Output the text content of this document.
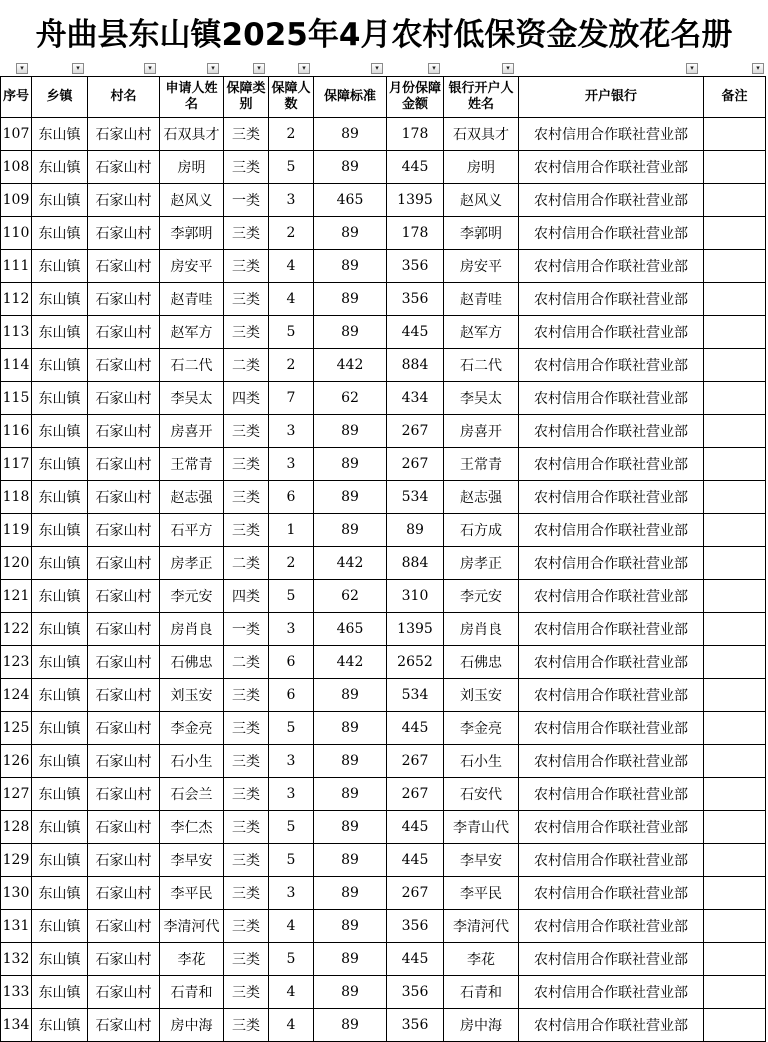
舟曲县东山镇2025年4月农村低保资金发放花名册
▾	▾	▾	▾	▾	▾	▾	▾	▾	▾	▾
序号	乡镇	村名	申请人姓名	保障类别	保障人数	保障标准	月份保障金额	银行开户人姓名	开户银行	备注

107	东山镇	石家山村	石双具才	三类	2	89	178	石双具才	农村信用合作联社营业部	
108	东山镇	石家山村	房明	三类	5	89	445	房明	农村信用合作联社营业部	
109	东山镇	石家山村	赵风义	一类	3	465	1395	赵风义	农村信用合作联社营业部	
110	东山镇	石家山村	李郭明	三类	2	89	178	李郭明	农村信用合作联社营业部	
111	东山镇	石家山村	房安平	三类	4	89	356	房安平	农村信用合作联社营业部	
112	东山镇	石家山村	赵青哇	三类	4	89	356	赵青哇	农村信用合作联社营业部	
113	东山镇	石家山村	赵军方	三类	5	89	445	赵军方	农村信用合作联社营业部	
114	东山镇	石家山村	石二代	二类	2	442	884	石二代	农村信用合作联社营业部	
115	东山镇	石家山村	李吴太	四类	7	62	434	李吴太	农村信用合作联社营业部	
116	东山镇	石家山村	房喜开	三类	3	89	267	房喜开	农村信用合作联社营业部	
117	东山镇	石家山村	王常青	三类	3	89	267	王常青	农村信用合作联社营业部	
118	东山镇	石家山村	赵志强	三类	6	89	534	赵志强	农村信用合作联社营业部	
119	东山镇	石家山村	石平方	三类	1	89	89	石方成	农村信用合作联社营业部	
120	东山镇	石家山村	房孝正	二类	2	442	884	房孝正	农村信用合作联社营业部	
121	东山镇	石家山村	李元安	四类	5	62	310	李元安	农村信用合作联社营业部	
122	东山镇	石家山村	房肖良	一类	3	465	1395	房肖良	农村信用合作联社营业部	
123	东山镇	石家山村	石佛忠	二类	6	442	2652	石佛忠	农村信用合作联社营业部	
124	东山镇	石家山村	刘玉安	三类	6	89	534	刘玉安	农村信用合作联社营业部	
125	东山镇	石家山村	李金亮	三类	5	89	445	李金亮	农村信用合作联社营业部	
126	东山镇	石家山村	石小生	三类	3	89	267	石小生	农村信用合作联社营业部	
127	东山镇	石家山村	石会兰	三类	3	89	267	石安代	农村信用合作联社营业部	
128	东山镇	石家山村	李仁杰	三类	5	89	445	李青山代	农村信用合作联社营业部	
129	东山镇	石家山村	李早安	三类	5	89	445	李早安	农村信用合作联社营业部	
130	东山镇	石家山村	李平民	三类	3	89	267	李平民	农村信用合作联社营业部	
131	东山镇	石家山村	李清河代	三类	4	89	356	李清河代	农村信用合作联社营业部	
132	东山镇	石家山村	李花	三类	5	89	445	李花	农村信用合作联社营业部	
133	东山镇	石家山村	石青和	三类	4	89	356	石青和	农村信用合作联社营业部	
134	东山镇	石家山村	房中海	三类	4	89	356	房中海	农村信用合作联社营业部	
